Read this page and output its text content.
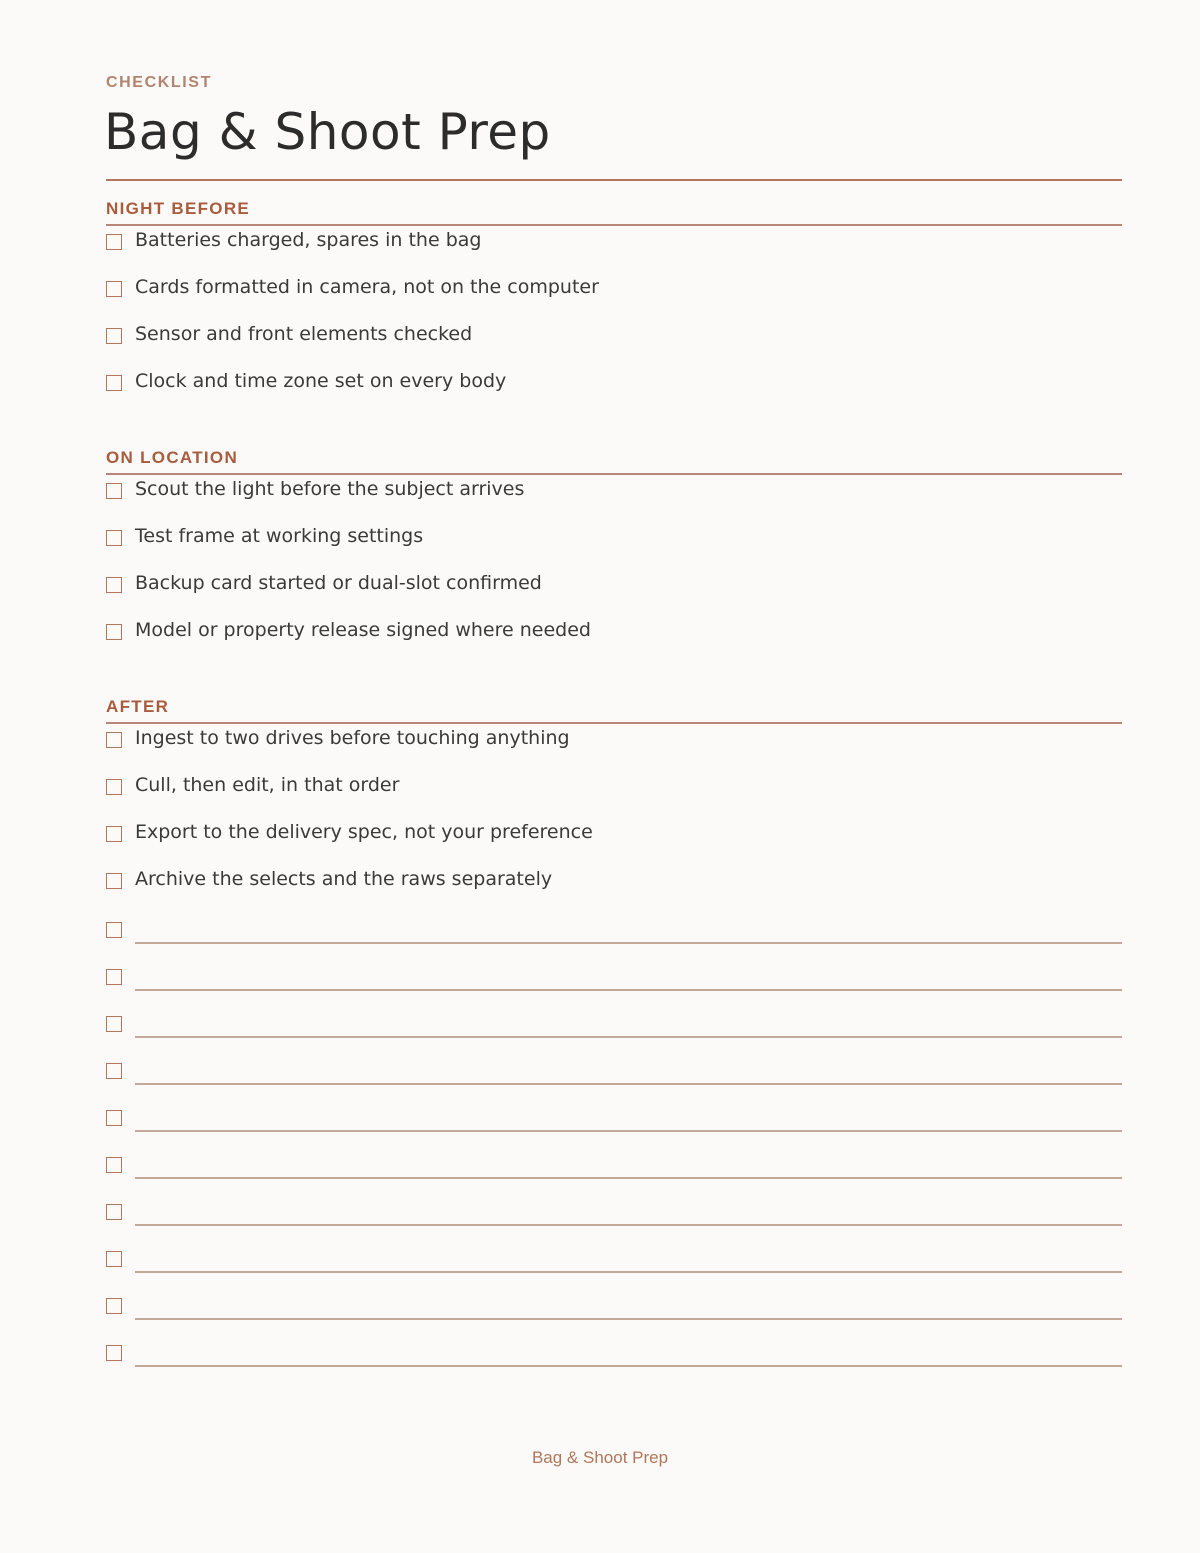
CHECKLIST
Bag & Shoot Prep
NIGHT BEFORE
Batteries charged, spares in the bag
Cards formatted in camera, not on the computer
Sensor and front elements checked
Clock and time zone set on every body
ON LOCATION
Scout the light before the subject arrives
Test frame at working settings
Backup card started or dual-slot confirmed
Model or property release signed where needed
AFTER
Ingest to two drives before touching anything
Cull, then edit, in that order
Export to the delivery spec, not your preference
Archive the selects and the raws separately
Bag & Shoot Prep
